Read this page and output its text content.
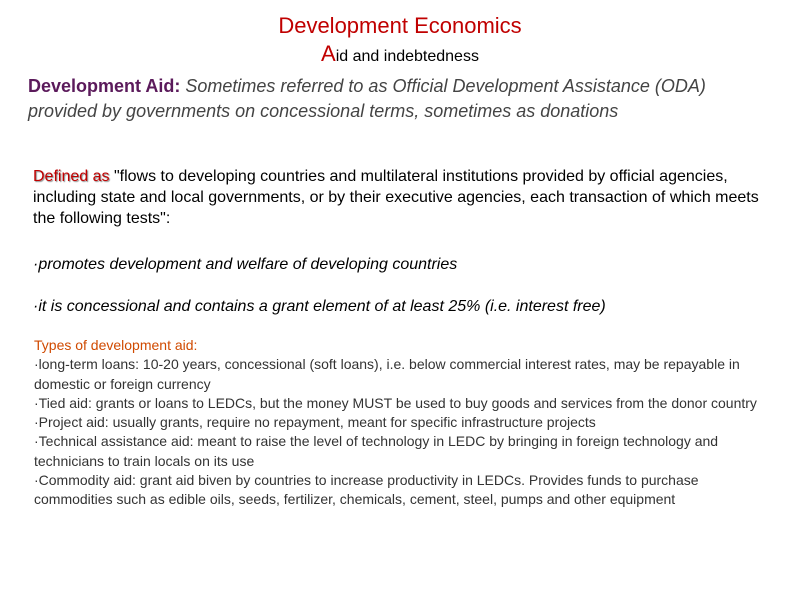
Development Economics
Aid and indebtedness
Development Aid: Sometimes referred to as Official Development Assistance (ODA) provided by governments on concessional terms, sometimes as donations
Defined as "flows to developing countries and multilateral institutions provided by official agencies, including state and local governments, or by their executive agencies, each transaction of which meets the following tests":
·promotes development and welfare of developing countries
·it is concessional and contains a grant element of at least 25% (i.e. interest free)
Types of development aid:

·long-term loans: 10-20 years, concessional (soft loans), i.e. below commercial interest rates, may be repayable in domestic or foreign currency

·Tied aid: grants or loans to LEDCs, but the money MUST be used to buy goods and services from the donor country

·Project aid: usually grants, require no repayment, meant for specific infrastructure projects

·Technical assistance aid: meant to raise the level of technology in LEDC by bringing in foreign technology and technicians to train locals on its use

·Commodity aid: grant aid biven by countries to increase productivity in LEDCs. Provides funds to purchase commodities such as edible oils, seeds, fertilizer, chemicals, cement, steel, pumps and other equipment
